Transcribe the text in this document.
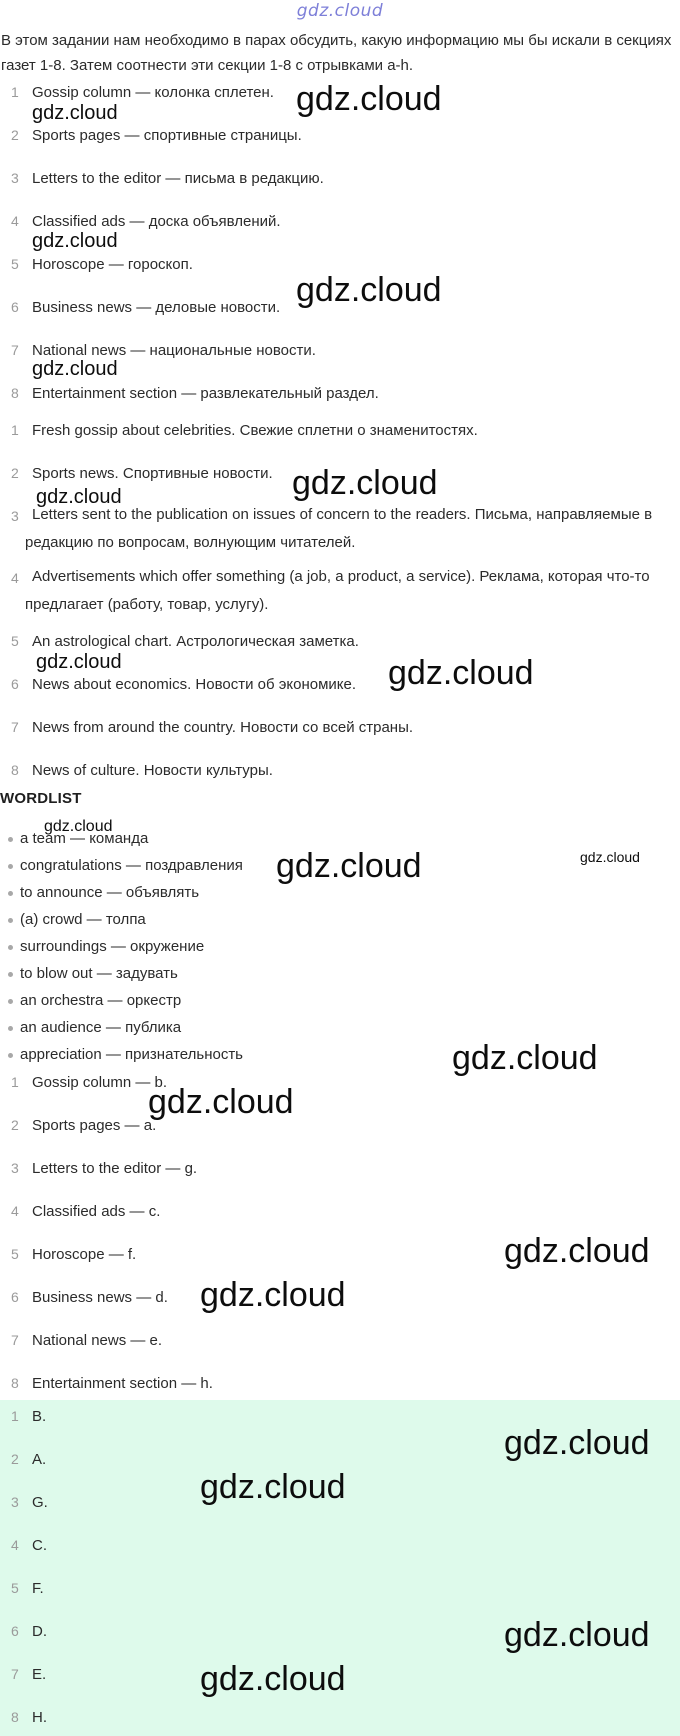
gdz.cloud
В этом задании нам необходимо в парах обсудить, какую информацию мы бы искали в секциях газет 1-8. Затем соотнести эти секции 1-8 с отрывками a-h.
1 Gossip column — колонка сплетен.
2 Sports pages — спортивные страницы.
3 Letters to the editor — письма в редакцию.
4 Classified ads — доска объявлений.
5 Horoscope — гороскоп.
6 Business news — деловые новости.
7 National news — национальные новости.
8 Entertainment section — развлекательный раздел.
1 Fresh gossip about celebrities. Свежие сплетни о знаменитостях.
2 Sports news. Спортивные новости.
3 Letters sent to the publication on issues of concern to the readers. Письма, направляемые в редакцию по вопросам, волнующим читателей.
4 Advertisements which offer something (a job, a product, a service). Реклама, которая что-то предлагает (работу, товар, услугу).
5 An astrological chart. Астрологическая заметка.
6 News about economics. Новости об экономике.
7 News from around the country. Новости со всей страны.
8 News of culture. Новости культуры.
WORDLIST
a team — команда
congratulations — поздравления
to announce — объявлять
(a) crowd — толпа
surroundings — окружение
to blow out — задувать
an orchestra — оркестр
an audience — публика
appreciation — признательность
1 Gossip column — b.
2 Sports pages — a.
3 Letters to the editor — g.
4 Classified ads — c.
5 Horoscope — f.
6 Business news — d.
7 National news — e.
8 Entertainment section — h.
1 B.
2 A.
3 G.
4 C.
5 F.
6 D.
7 E.
8 H.
gdz.cloud
gdz.cloud
gdz.cloud
gdz.cloud
gdz.cloud
gdz.cloud
gdz.cloud
gdz.cloud	gdz.cloud
gdz.cloud
gdz.cloud	gdz.cloud
gdz.cloud
gdz.cloud
gdz.cloud
gdz.cloud
gdz.cloud
gdz.cloud
gdz.cloud
gdz.cloud
